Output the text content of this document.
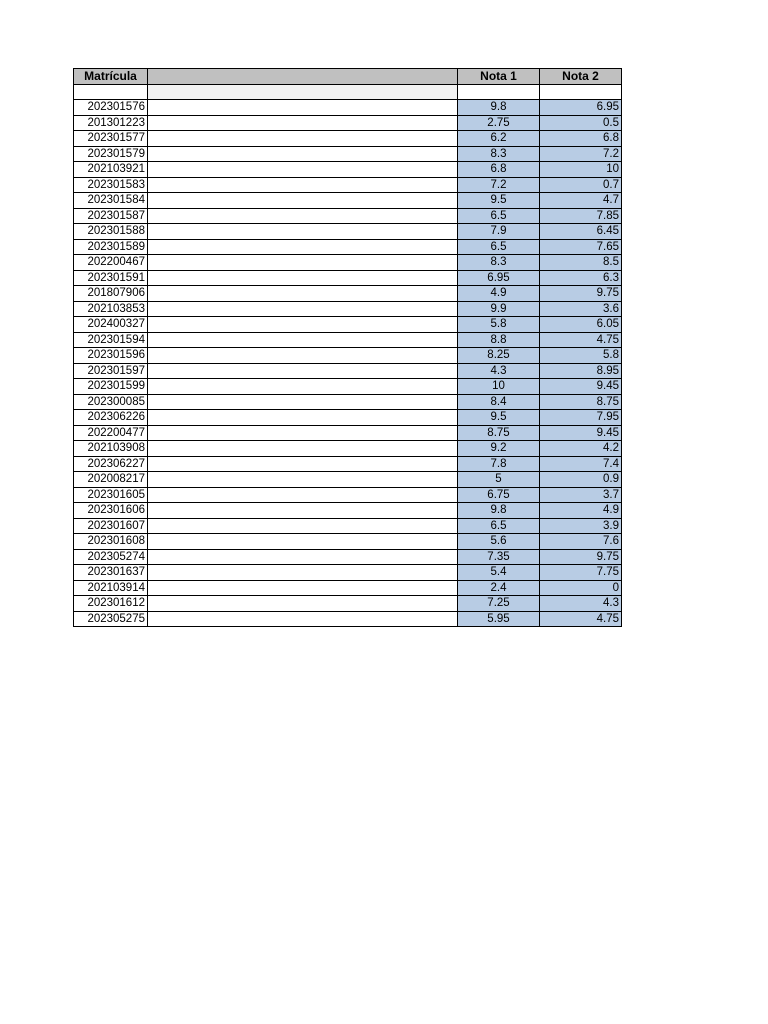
Matrícula		Nota 1	Nota 2

202301576		9.8	6.95
201301223		2.75	0.5
202301577		6.2	6.8
202301579		8.3	7.2
202103921		6.8	10
202301583		7.2	0.7
202301584		9.5	4.7
202301587		6.5	7.85
202301588		7.9	6.45
202301589		6.5	7.65
202200467		8.3	8.5
202301591		6.95	6.3
201807906		4.9	9.75
202103853		9.9	3.6
202400327		5.8	6.05
202301594		8.8	4.75
202301596		8.25	5.8
202301597		4.3	8.95
202301599		10	9.45
202300085		8.4	8.75
202306226		9.5	7.95
202200477		8.75	9.45
202103908		9.2	4.2
202306227		7.8	7.4
202008217		5	0.9
202301605		6.75	3.7
202301606		9.8	4.9
202301607		6.5	3.9
202301608		5.6	7.6
202305274		7.35	9.75
202301637		5.4	7.75
202103914		2.4	0
202301612		7.25	4.3
202305275		5.95	4.75
